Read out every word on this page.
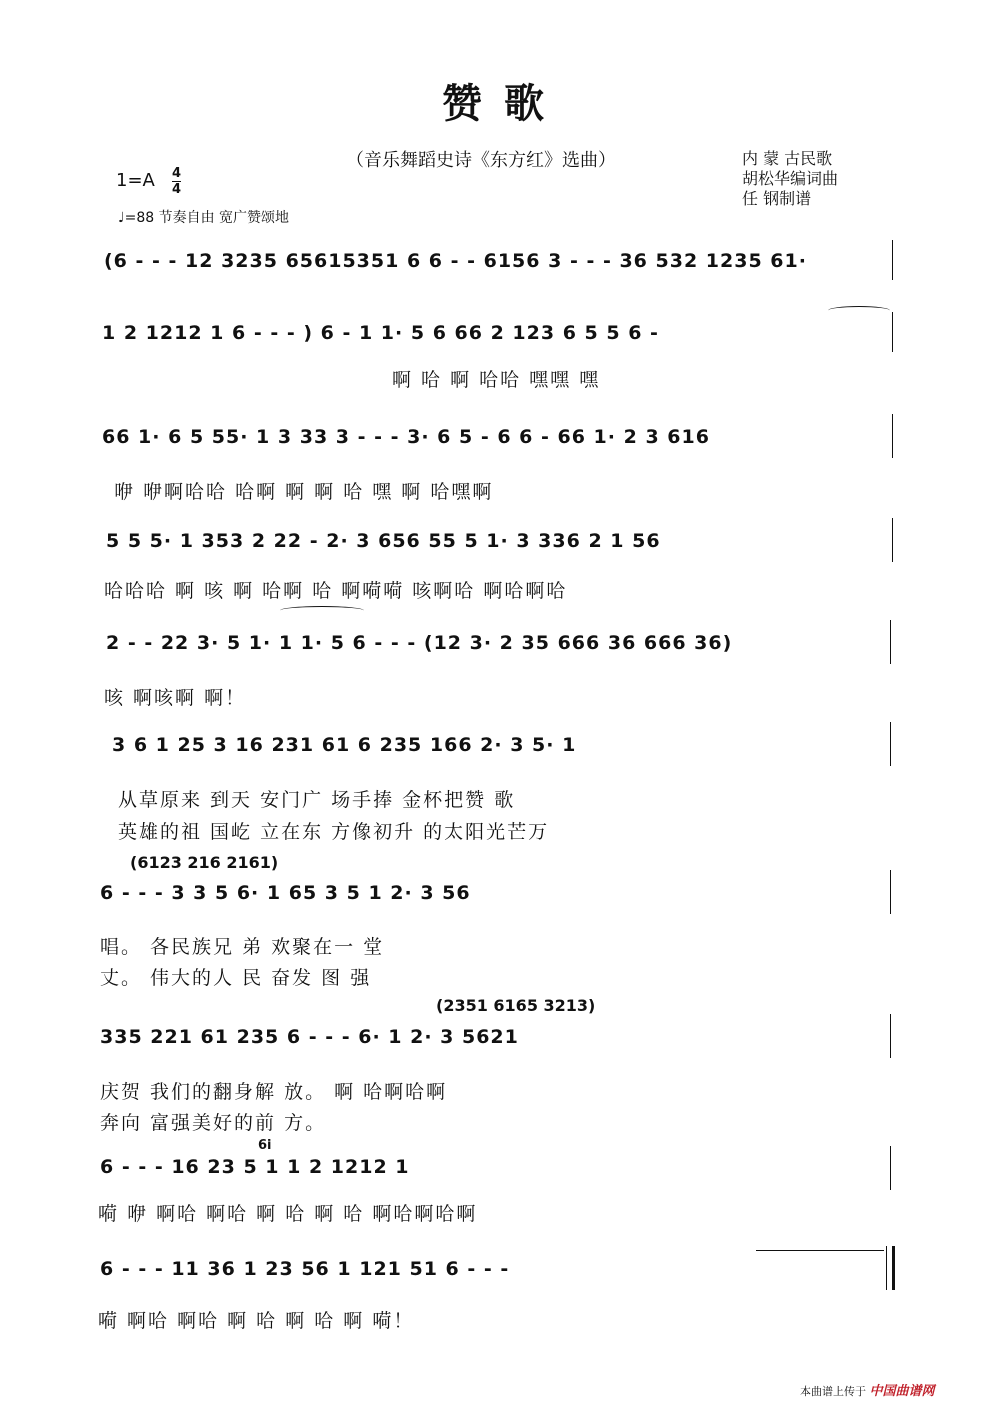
赞 歌
（音乐舞蹈史诗《东方红》选曲）	内 蒙 古民歌
胡松华编词曲
任 钢制谱
1=A 4
4
♩=88 节奏自由 宽广赞颂地
(6 - - - 12 3235 65615351 6 6 - - 6156 3 - - - 36 532 1235 61·
1 2 1212 1 6 - - - ) 6 - 1 1· 5 6 66 2 123 6 5 5 6 -
啊 哈 啊 哈哈 嘿嘿 嘿
66 1· 6 5 55· 1 3 33 3 - - - 3· 6 5 - 6 6 - 66 1· 2 3 616
咿 咿啊哈哈 哈啊 啊 啊 哈 嘿 啊 哈嘿啊
5 5 5· 1 353 2 22 - 2· 3 656 55 5 1· 3 336 2 1 56
哈哈哈 啊 咳 啊 哈啊 哈 啊嗬嗬 咳啊哈 啊哈啊哈
2 - - 22 3· 5 1· 1 1· 5 6 - - - (12 3· 2 35 666 36 666 36)
咳 啊咳啊 啊！
3 6 1 25 3 16 231 61 6 235 166 2· 3 5· 1
从草原来 到天 安门广 场手捧 金杯把赞 歌
英雄的祖 国屹 立在东 方像初升 的太阳光芒万
(6123 216 2161)
6 - - - 3 3 5 6· 1 65 3 5 1 2· 3 56
唱。 各民族兄 弟 欢聚在一 堂
丈。 伟大的人 民 奋发 图 强
(2351 6165 3213)
335 221 61 235 6 - - - 6· 1 2· 3 5621
庆贺 我们的翻身解 放。 啊 哈啊哈啊
奔向 富强美好的前 方。
6i
6 - - - 16 23 5 1 1 2 1212 1
嗬 咿 啊哈 啊哈 啊 哈 啊 哈 啊哈啊哈啊
6 - - - 11 36 1 23 56 1 121 51 6 - - -
嗬 啊哈 啊哈 啊 哈 啊 哈 啊 嗬！
本曲谱上传于 中国曲谱网
